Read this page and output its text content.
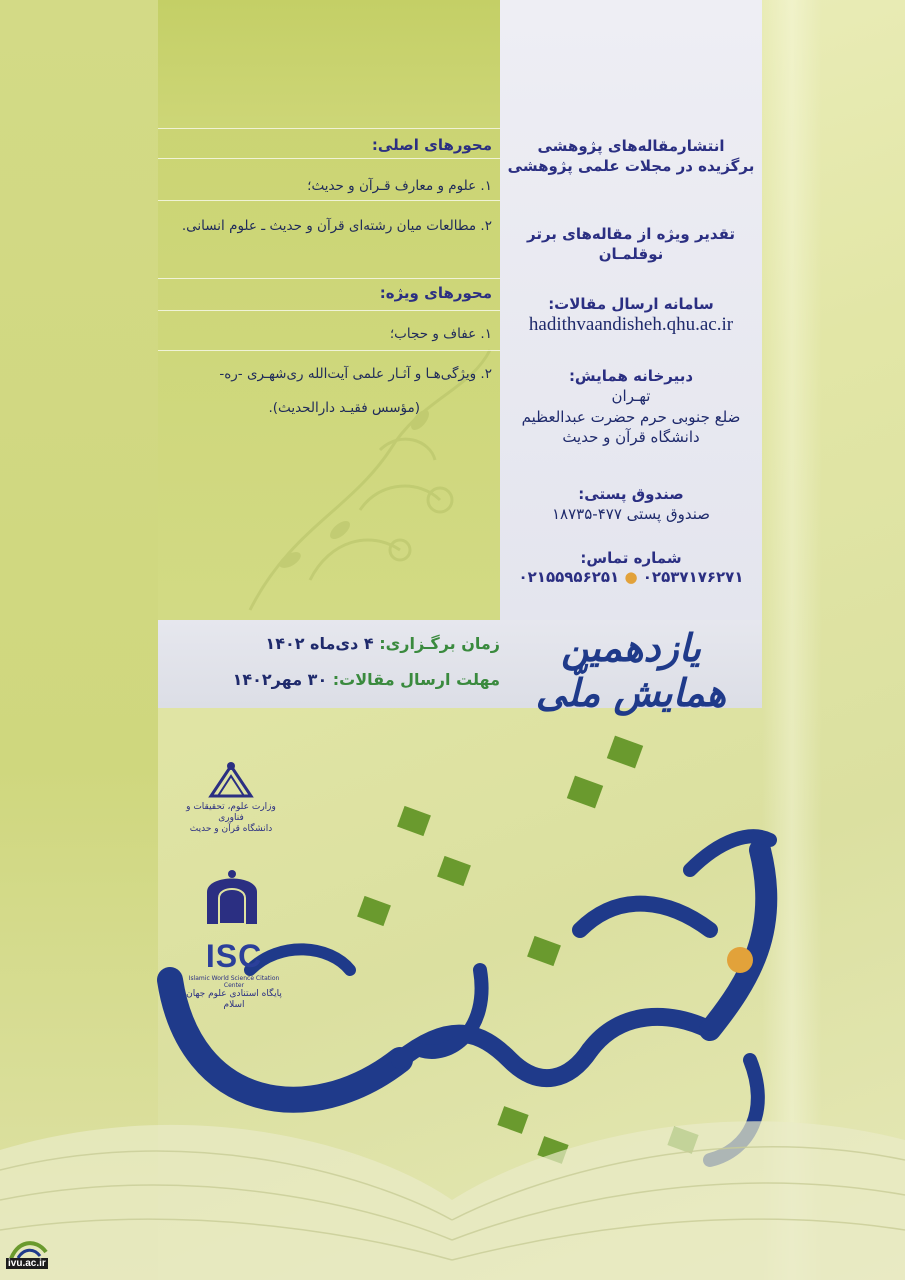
محورهای اصلی:

۱. علوم و معارف قـرآن و حدیث؛

۲. مطالعات میان رشته‌ای قرآن و حدیث ـ علوم انسانی.

محورهای ویژه:

۱. عفاف و حجاب؛

۲. ویژگی‌هـا و آثـار علمی آیت‌الله ری‌شهـری -ره-

(مؤسس فقیـد دارالحدیث).

انتشارمقاله‌های پژوهشی
برگزیده در مجلات علمی پژوهشی
تقدیر ویژه از مقاله‌های برتر
نوقلمـان
سامانه ارسال مقالات:
hadithvaandisheh.qhu.ac.ir
دبیرخانه همایش:
تهـران
ضلع جنوبی حرم حضرت عبدالعظیم
دانشگاه قرآن و حدیث
صندوق پستی:
صندوق پستی ۴۷۷-۱۸۷۳۵
شماره تماس:
۰۲۵۳۷۱۷۶۲۷۱ ● ۰۲۱۵۵۹۵۶۲۵۱
زمان برگـزاری: ۴ دی‌ماه ۱۴۰۲
مهلت ارسال مقالات: ۳۰ مهر۱۴۰۲
یازدهمین همایش ملّی
وزارت علوم، تحقیقات و فناوری
دانشگاه قرآن و حدیث
ISC
Islamic World Science Citation Center
پایگاه استنادی علوم جهان اسلام
ivu.ac.ir
